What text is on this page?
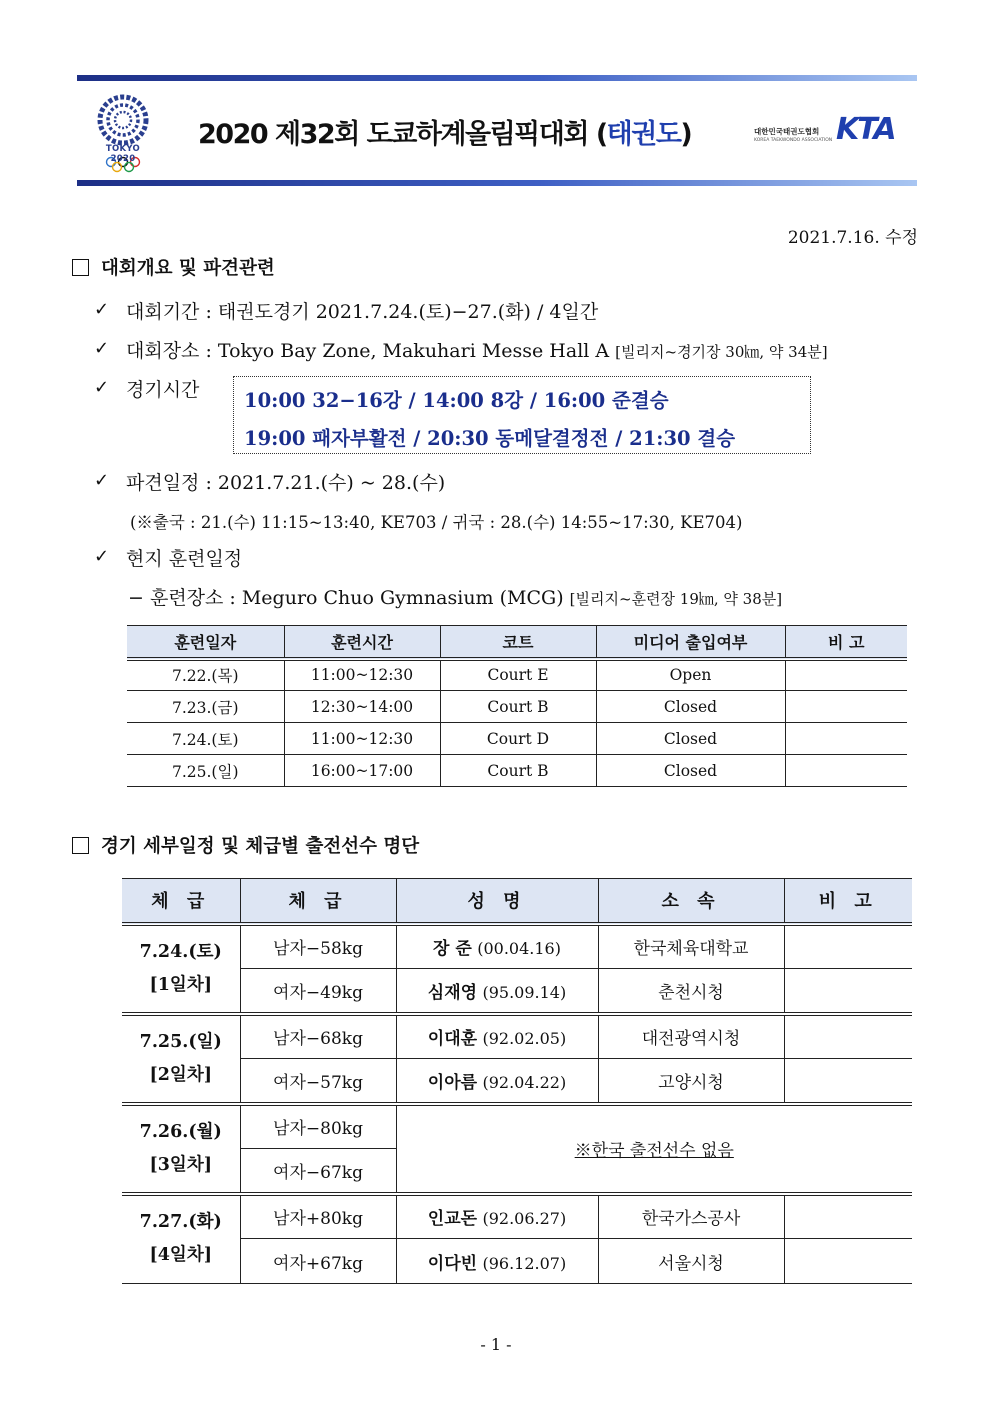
TOKYO 2020
2020 제32회 도쿄하계올림픽대회 (태권도)	대한민국태권도협회
KOREA TAEKWONDO ASSOCIATION KTA
2021.7.16. 수정
대회개요 및 파견관련
✓ 대회기간 : 태권도경기 2021.7.24.(토)−27.(화) / 4일간
✓ 대회장소 : Tokyo Bay Zone, Makuhari Messe Hall A [빌리지~경기장 30㎞, 약 34분]
✓ 경기시간 10:00 32−16강 / 14:00 8강 / 16:00 준결승
19:00 패자부활전 / 20:30 동메달결정전 / 21:30 결승
✓ 파견일정 : 2021.7.21.(수) ~ 28.(수)
(※출국 : 21.(수) 11:15~13:40, KE703 / 귀국 : 28.(수) 14:55~17:30, KE704)
✓ 현지 훈련일정
− 훈련장소 : Meguro Chuo Gymnasium (MCG) [빌리지~훈련장 19㎞, 약 38분]
훈련일자	훈련시간	코트	미디어 출입여부	비 고
7.22.(목)	11:00~12:30	Court E	Open	
7.23.(금)	12:30~14:00	Court B	Closed	
7.24.(토)	11:00~12:30	Court D	Closed	
7.25.(일)	16:00~17:00	Court B	Closed	
경기 세부일정 및 체급별 출전선수 명단
체 급	체 급	성 명	소 속	비 고

7.24.(토)
[1일차]	남자−58kg	장 준 (00.04.16)	한국체육대학교	
	여자−49kg	심재영 (95.09.14)	춘천시청	

7.25.(일)
[2일차]	남자−68kg	이대훈 (92.02.05)	대전광역시청	
	여자−57kg	이아름 (92.04.22)	고양시청	

7.26.(월)
[3일차]	남자−80kg	※한국 출전선수 없음		
	여자−67kg			

7.27.(화)
[4일차]	남자+80kg	인교돈 (92.06.27)	한국가스공사	
	여자+67kg	이다빈 (96.12.07)	서울시청	
- 1 -
